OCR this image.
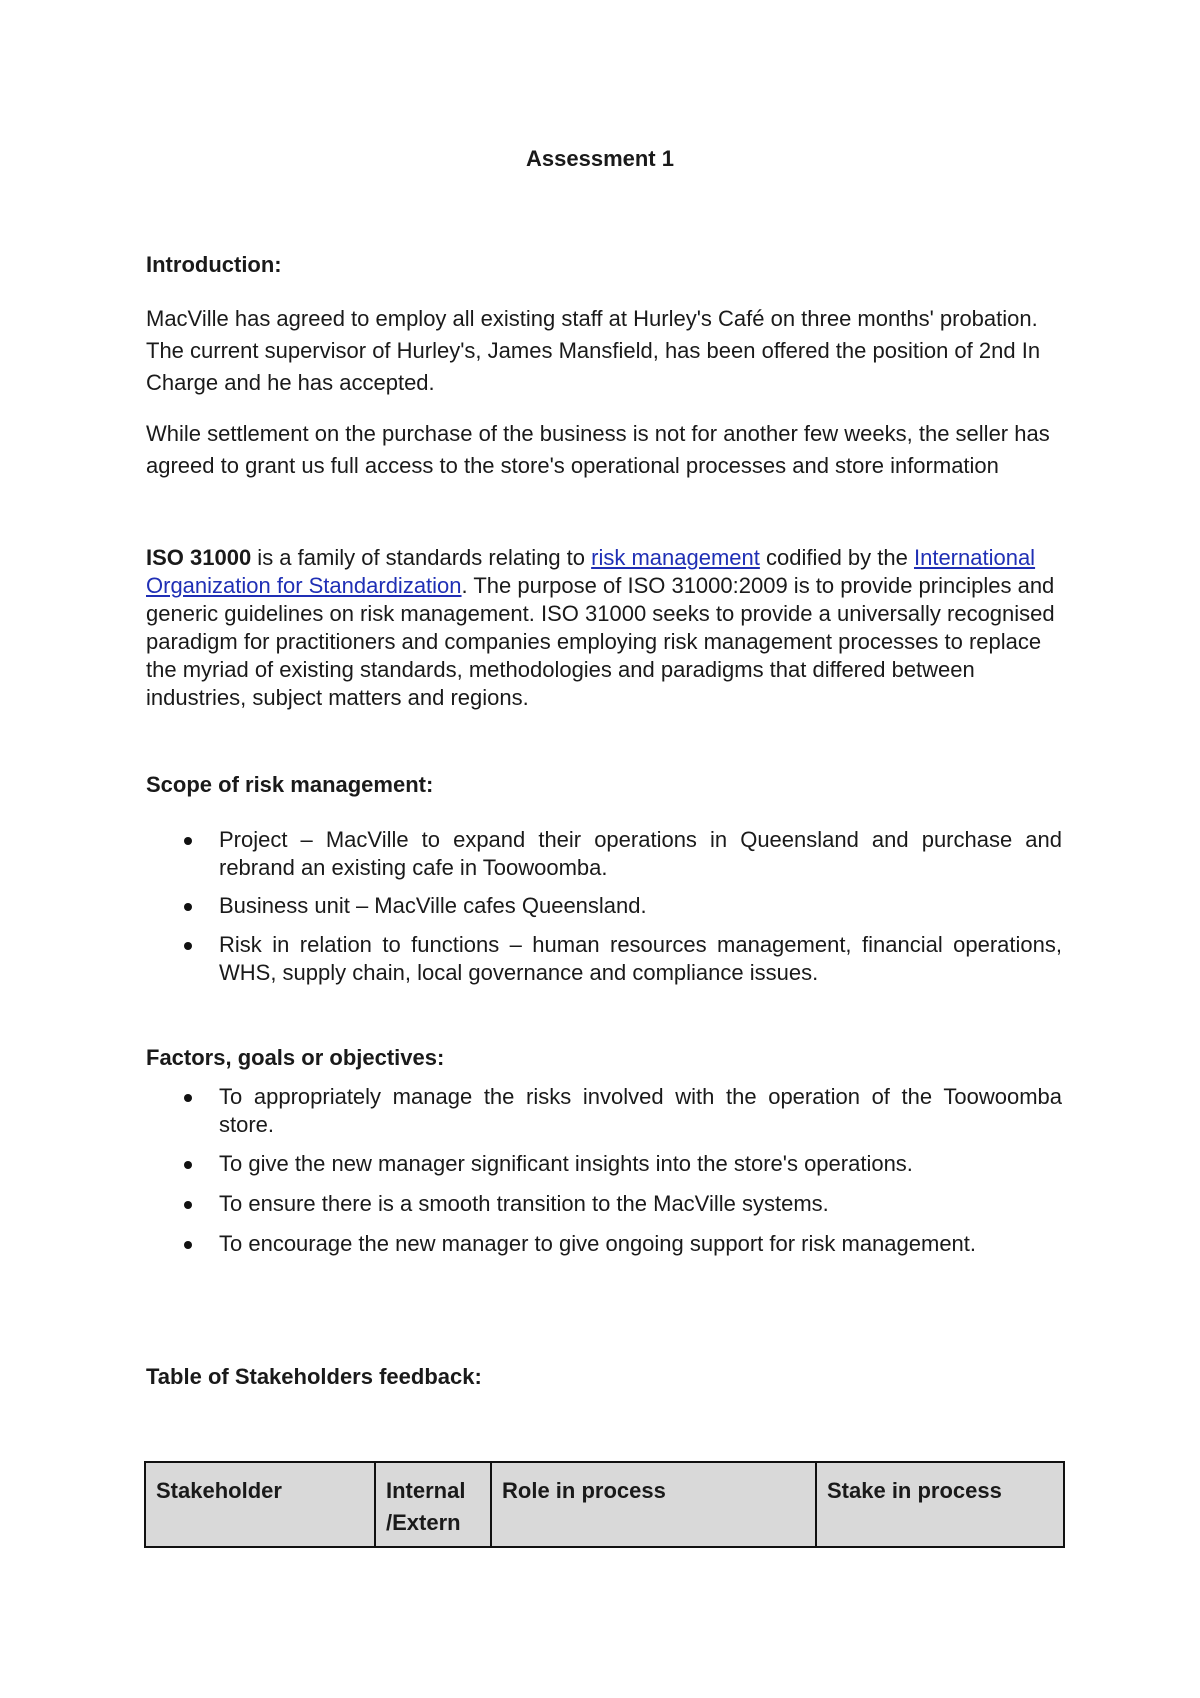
Assessment 1
Introduction:
MacVille has agreed to employ all existing staff at Hurley's Café on three months' probation. The current supervisor of Hurley's, James Mansfield, has been offered the position of 2nd In Charge and he has accepted.
While settlement on the purchase of the business is not for another few weeks, the seller has agreed to grant us full access to the store's operational processes and store information
ISO 31000 is a family of standards relating to risk management codified by the International Organization for Standardization. The purpose of ISO 31000:2009 is to provide principles and generic guidelines on risk management. ISO 31000 seeks to provide a universally recognised paradigm for practitioners and companies employing risk management processes to replace the myriad of existing standards, methodologies and paradigms that differed between industries, subject matters and regions.
Scope of risk management:
Project – MacVille to expand their operations in Queensland and purchase and rebrand an existing cafe in Toowoomba.
Business unit – MacVille cafes Queensland.
Risk in relation to functions – human resources management, financial operations, WHS, supply chain, local governance and compliance issues.
Factors, goals or objectives:
To appropriately manage the risks involved with the operation of the Toowoomba store.
To give the new manager significant insights into the store's operations.
To ensure there is a smooth transition to the MacVille systems.
To encourage the new manager to give ongoing support for risk management.
Table of Stakeholders feedback:
Stakeholder	Internal /Extern	Role in process	Stake in process
